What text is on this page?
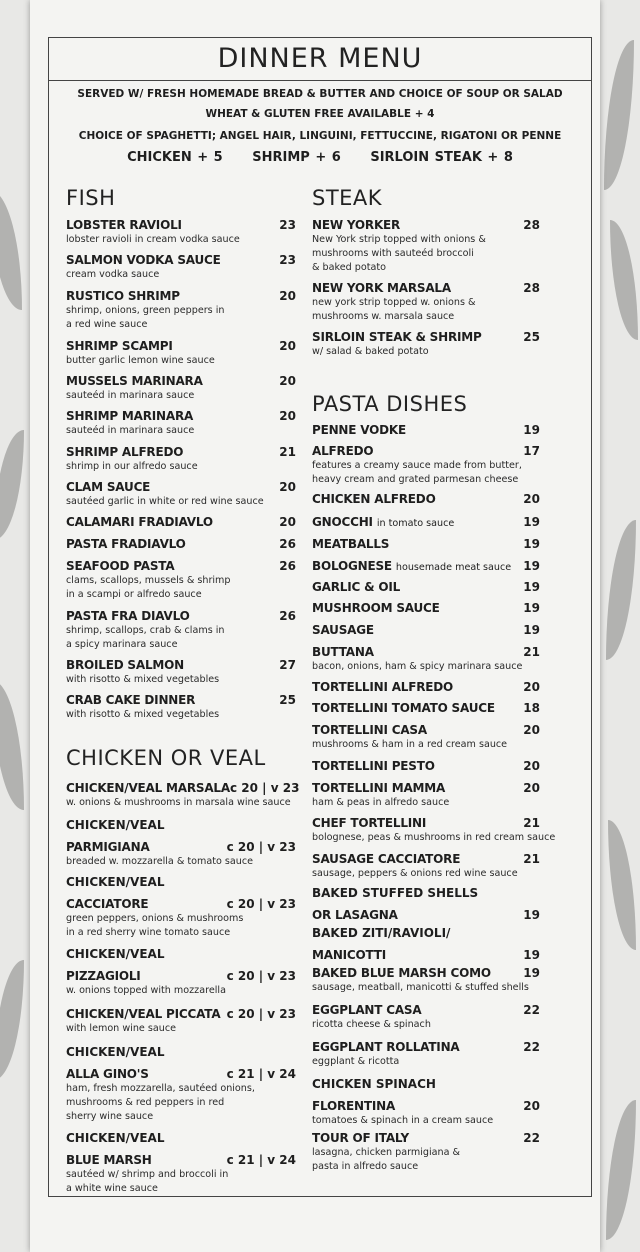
DINNER MENU
SERVED W/ FRESH HOMEMADE BREAD & BUTTER AND CHOICE OF SOUP OR SALAD
WHEAT & GLUTEN FREE AVAILABLE + 4
CHOICE OF SPAGHETTI; ANGEL HAIR, LINGUINI, FETTUCCINE, RIGATONI OR PENNE
CHICKEN + 5 SHRIMP + 6 SIRLOIN STEAK + 8
FISH
LOBSTER RAVIOLI	23
lobster ravioli in cream vodka sauce
SALMON VODKA SAUCE	23
cream vodka sauce
RUSTICO SHRIMP	20
shrimp, onions, green peppers in
a red wine sauce
SHRIMP SCAMPI	20
butter garlic lemon wine sauce
MUSSELS MARINARA	20
sauteéd in marinara sauce
SHRIMP MARINARA	20
sauteéd in marinara sauce
SHRIMP ALFREDO	21
shrimp in our alfredo sauce
CLAM SAUCE	20
sautéed garlic in white or red wine sauce
CALAMARI FRADIAVLO	20
PASTA FRADIAVLO	26
SEAFOOD PASTA	26
clams, scallops, mussels & shrimp
in a scampi or alfredo sauce
PASTA FRA DIAVLO	26
shrimp, scallops, crab & clams in
a spicy marinara sauce
BROILED SALMON	27
with risotto & mixed vegetables
CRAB CAKE DINNER	25
with risotto & mixed vegetables
CHICKEN OR VEAL
CHICKEN/VEAL MARSALA c 20 | v 23
w. onions & mushrooms in marsala wine sauce
CHICKEN/VEAL
PARMIGIANA	c 20 | v 23
breaded w. mozzarella & tomato sauce
CHICKEN/VEAL
CACCIATORE	c 20 | v 23
green peppers, onions & mushrooms
in a red sherry wine tomato sauce
CHICKEN/VEAL
PIZZAGIOLI	c 20 | v 23
w. onions topped with mozzarella
CHICKEN/VEAL PICCATA c 20 | v 23
with lemon wine sauce
CHICKEN/VEAL
ALLA GINO'S	c 21 | v 24
ham, fresh mozzarella, sautéed onions,
mushrooms & red peppers in red
sherry wine sauce
CHICKEN/VEAL
BLUE MARSH	c 21 | v 24
sautéed w/ shrimp and broccoli in
a white wine sauce
STEAK
NEW YORKER	28
New York strip topped with onions &
mushrooms with sauteéd broccoli
& baked potato
NEW YORK MARSALA	28
new york strip topped w. onions &
mushrooms w. marsala sauce
SIRLOIN STEAK & SHRIMP	25
w/ salad & baked potato
PASTA DISHES
PENNE VODKE	19
ALFREDO	17
features a creamy sauce made from butter,
heavy cream and grated parmesan cheese
CHICKEN ALFREDO	20
GNOCCHI in tomato sauce	19
MEATBALLS	19
BOLOGNESE housemade meat sauce 19
GARLIC & OIL	19
MUSHROOM SAUCE	19
SAUSAGE	19
BUTTANA	21
bacon, onions, ham & spicy marinara sauce
TORTELLINI ALFREDO	20
TORTELLINI TOMATO SAUCE 18
TORTELLINI CASA	20
mushrooms & ham in a red cream sauce
TORTELLINI PESTO	20
TORTELLINI MAMMA	20
ham & peas in alfredo sauce
CHEF TORTELLINI	21
bolognese, peas & mushrooms in red cream sauce
SAUSAGE CACCIATORE	21
sausage, peppers & onions red wine sauce
BAKED STUFFED SHELLS
OR LASAGNA	19
BAKED ZITI/RAVIOLI/
MANICOTTI	19
BAKED BLUE MARSH COMO	19
sausage, meatball, manicotti & stuffed shells
EGGPLANT CASA	22
ricotta cheese & spinach
EGGPLANT ROLLATINA	22
eggplant & ricotta
CHICKEN SPINACH
FLORENTINA	20
tomatoes & spinach in a cream sauce
TOUR OF ITALY	22
lasagna, chicken parmigiana &
pasta in alfredo sauce
